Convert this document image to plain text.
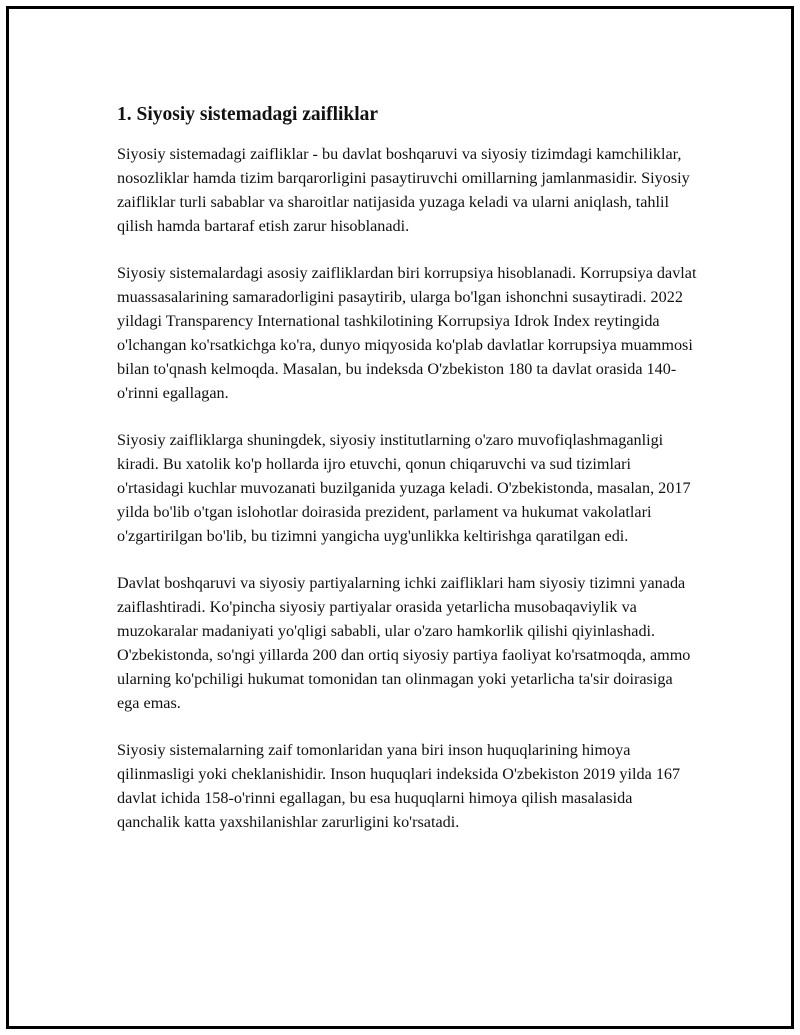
1. Siyosiy sistemadagi zaifliklar

Siyosiy sistemadagi zaifliklar - bu davlat boshqaruvi va siyosiy tizimdagi kamchiliklar, nosozliklar hamda tizim barqarorligini pasaytiruvchi omillarning jamlanmasidir. Siyosiy zaifliklar turli sabablar va sharoitlar natijasida yuzaga keladi va ularni aniqlash, tahlil qilish hamda bartaraf etish zarur hisoblanadi.

Siyosiy sistemalardagi asosiy zaifliklardan biri korrupsiya hisoblanadi. Korrupsiya davlat muassasalarining samaradorligini pasaytirib, ularga bo'lgan ishonchni susaytiradi. 2022 yildagi Transparency International tashkilotining Korrupsiya Idrok Index reytingida o'lchangan ko'rsatkichga ko'ra, dunyo miqyosida ko'plab davlatlar korrupsiya muammosi bilan to'qnash kelmoqda. Masalan, bu indeksda O'zbekiston 180 ta davlat orasida 140-o'rinni egallagan.

Siyosiy zaifliklarga shuningdek, siyosiy institutlarning o'zaro muvofiqlashmaganligi kiradi. Bu xatolik ko'p hollarda ijro etuvchi, qonun chiqaruvchi va sud tizimlari o'rtasidagi kuchlar muvozanati buzilganida yuzaga keladi. O'zbekistonda, masalan, 2017 yilda bo'lib o'tgan islohotlar doirasida prezident, parlament va hukumat vakolatlari o'zgartirilgan bo'lib, bu tizimni yangicha uyg'unlikka keltirishga qaratilgan edi.

Davlat boshqaruvi va siyosiy partiyalarning ichki zaifliklari ham siyosiy tizimni yanada zaiflashtiradi. Ko'pincha siyosiy partiyalar orasida yetarlicha musobaqaviylik va muzokaralar madaniyati yo'qligi sababli, ular o'zaro hamkorlik qilishi qiyinlashadi. O'zbekistonda, so'ngi yillarda 200 dan ortiq siyosiy partiya faoliyat ko'rsatmoqda, ammo ularning ko'pchiligi hukumat tomonidan tan olinmagan yoki yetarlicha ta'sir doirasiga ega emas.

Siyosiy sistemalarning zaif tomonlaridan yana biri inson huquqlarining himoya qilinmasligi yoki cheklanishidir. Inson huquqlari indeksida O'zbekiston 2019 yilda 167 davlat ichida 158-o'rinni egallagan, bu esa huquqlarni himoya qilish masalasida qanchalik katta yaxshilanishlar zarurligini ko'rsatadi.
